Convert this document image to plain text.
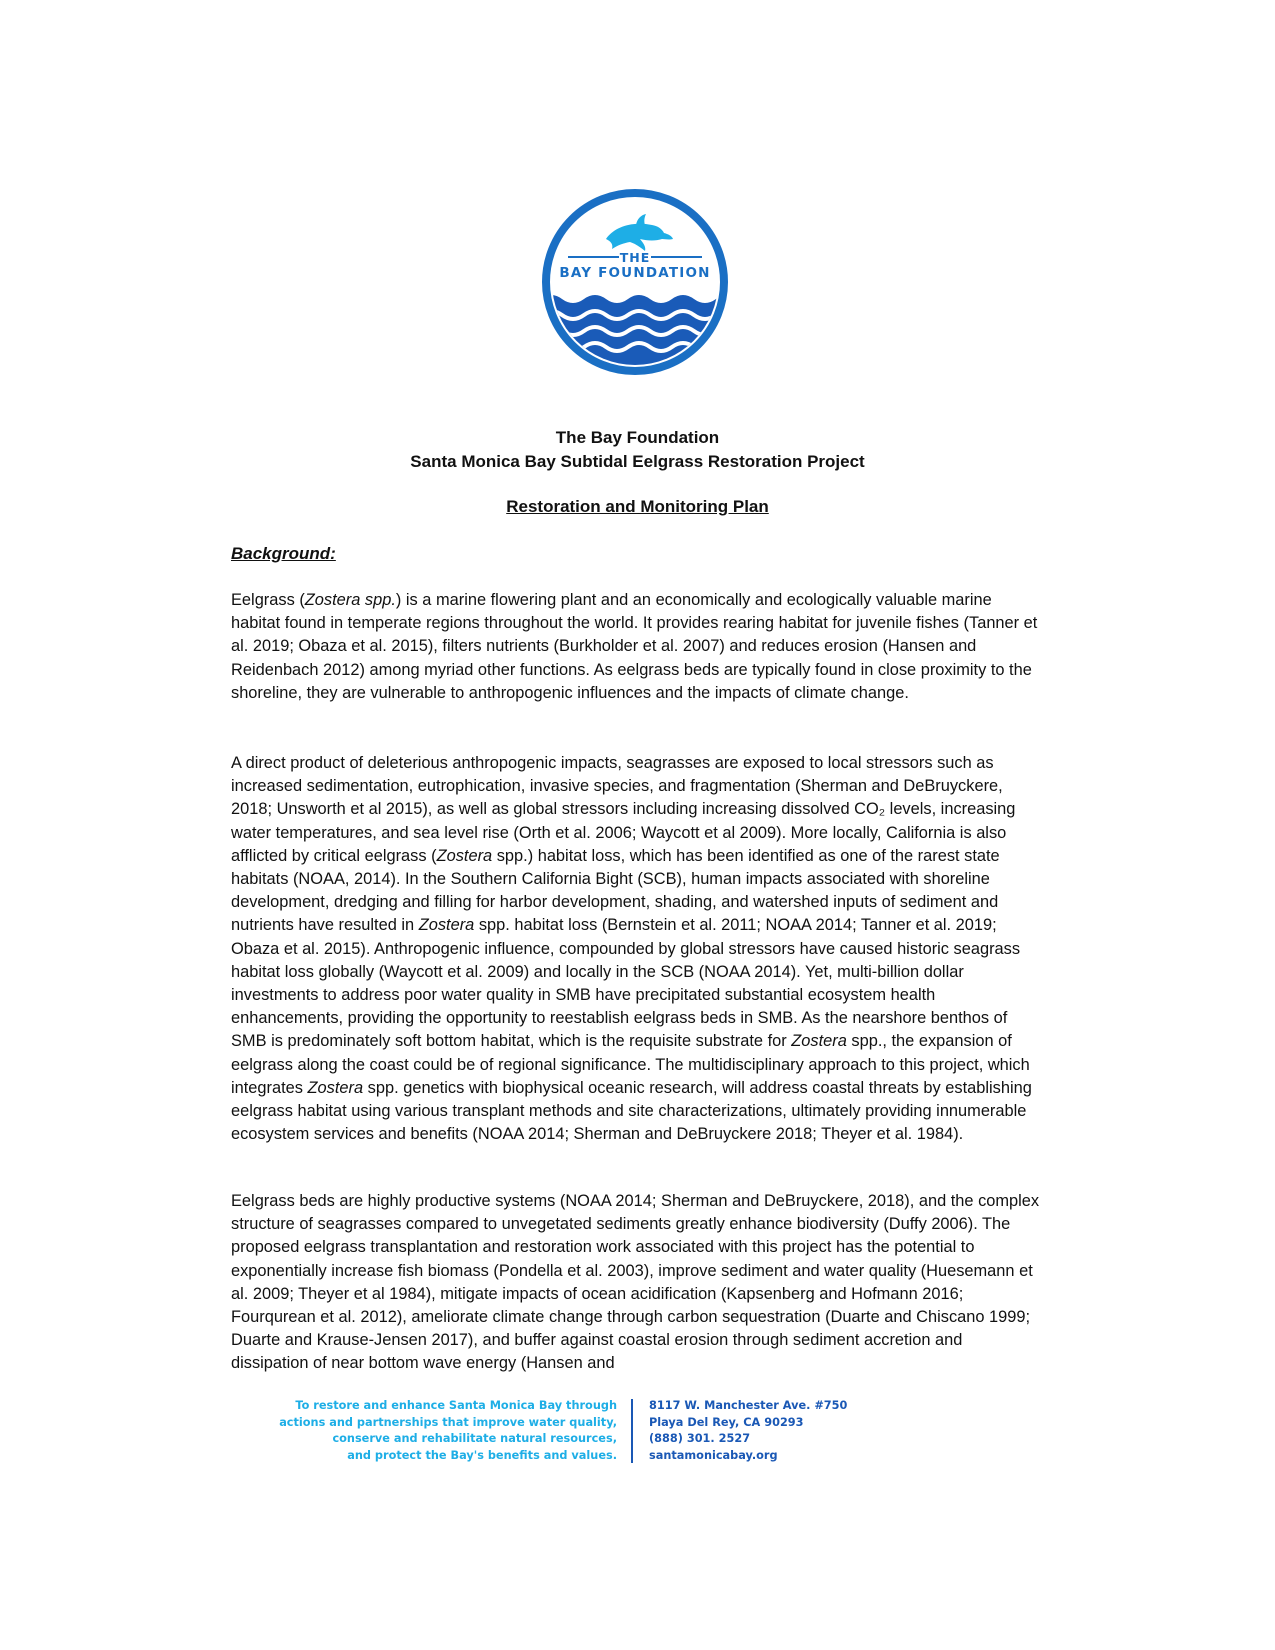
THE
BAY FOUNDATION
The Bay Foundation
Santa Monica Bay Subtidal Eelgrass Restoration Project
Restoration and Monitoring Plan
Background:

Eelgrass (Zostera spp.) is a marine flowering plant and an economically and ecologically valuable marine habitat found in temperate regions throughout the world. It provides rearing habitat for juvenile fishes (Tanner et al. 2019; Obaza et al. 2015), filters nutrients (Burkholder et al. 2007) and reduces erosion (Hansen and Reidenbach 2012) among myriad other functions. As eelgrass beds are typically found in close proximity to the shoreline, they are vulnerable to anthropogenic influences and the impacts of climate change.

A direct product of deleterious anthropogenic impacts, seagrasses are exposed to local stressors such as increased sedimentation, eutrophication, invasive species, and fragmentation (Sherman and DeBruyckere, 2018; Unsworth et al 2015), as well as global stressors including increasing dissolved CO₂ levels, increasing water temperatures, and sea level rise (Orth et al. 2006; Waycott et al 2009). More locally, California is also afflicted by critical eelgrass (Zostera spp.) habitat loss, which has been identified as one of the rarest state habitats (NOAA, 2014). In the Southern California Bight (SCB), human impacts associated with shoreline development, dredging and filling for harbor development, shading, and watershed inputs of sediment and nutrients have resulted in Zostera spp. habitat loss (Bernstein et al. 2011; NOAA 2014; Tanner et al. 2019; Obaza et al. 2015). Anthropogenic influence, compounded by global stressors have caused historic seagrass habitat loss globally (Waycott et al. 2009) and locally in the SCB (NOAA 2014). Yet, multi-billion dollar investments to address poor water quality in SMB have precipitated substantial ecosystem health enhancements, providing the opportunity to reestablish eelgrass beds in SMB. As the nearshore benthos of SMB is predominately soft bottom habitat, which is the requisite substrate for Zostera spp., the expansion of eelgrass along the coast could be of regional significance. The multidisciplinary approach to this project, which integrates Zostera spp. genetics with biophysical oceanic research, will address coastal threats by establishing eelgrass habitat using various transplant methods and site characterizations, ultimately providing innumerable ecosystem services and benefits (NOAA 2014; Sherman and DeBruyckere 2018; Theyer et al. 1984).

Eelgrass beds are highly productive systems (NOAA 2014; Sherman and DeBruyckere, 2018), and the complex structure of seagrasses compared to unvegetated sediments greatly enhance biodiversity (Duffy 2006). The proposed eelgrass transplantation and restoration work associated with this project has the potential to exponentially increase fish biomass (Pondella et al. 2003), improve sediment and water quality (Huesemann et al. 2009; Theyer et al 1984), mitigate impacts of ocean acidification (Kapsenberg and Hofmann 2016; Fourqurean et al. 2012), ameliorate climate change through carbon sequestration (Duarte and Chiscano 1999; Duarte and Krause-Jensen 2017), and buffer against coastal erosion through sediment accretion and dissipation of near bottom wave energy (Hansen and

To restore and enhance Santa Monica Bay through
actions and partnerships that improve water quality,
conserve and rehabilitate natural resources,
and protect the Bay's benefits and values.
8117 W. Manchester Ave. #750
Playa Del Rey, CA 90293
(888) 301. 2527
santamonicabay.org
